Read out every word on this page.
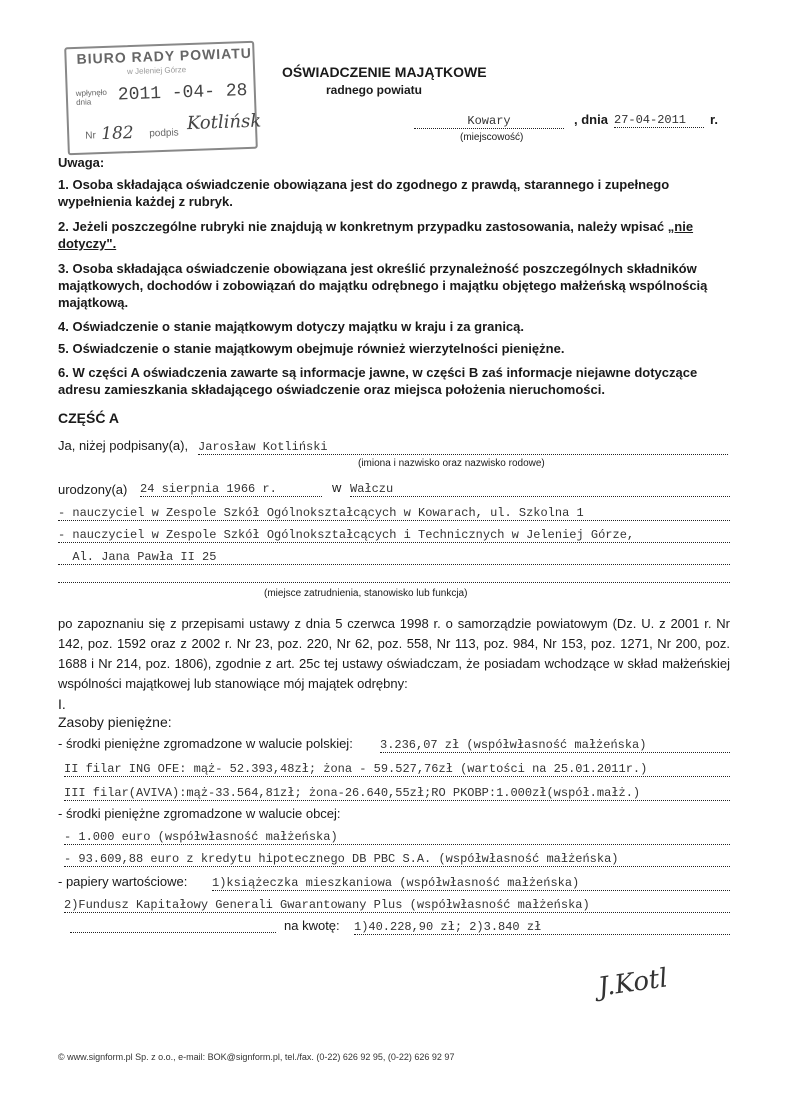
BIURO RADY POWIATU
w Jeleniej Górze
wpłynęło dnia	2011 -04- 28
Nr 182 podpis Kotlińsk
OŚWIADCZENIE MAJĄTKOWE
radnego powiatu
Kowary	, dnia 27-04-2011	r.
(miejscowość)
Uwaga:
1. Osoba składająca oświadczenie obowiązana jest do zgodnego z prawdą, starannego i zupełnego wypełnienia każdej z rubryk.
2. Jeżeli poszczególne rubryki nie znajdują w konkretnym przypadku zastosowania, należy wpisać „nie dotyczy".
3. Osoba składająca oświadczenie obowiązana jest określić przynależność poszczególnych składników majątkowych, dochodów i zobowiązań do majątku odrębnego i majątku objętego małżeńską wspólnością majątkową.
4. Oświadczenie o stanie majątkowym dotyczy majątku w kraju i za granicą.
5. Oświadczenie o stanie majątkowym obejmuje również wierzytelności pieniężne.
6. W części A oświadczenia zawarte są informacje jawne, w części B zaś informacje niejawne dotyczące adresu zamieszkania składającego oświadczenie oraz miejsca położenia nieruchomości.
CZĘŚĆ A
Ja, niżej podpisany(a), Jarosław Kotliński
(imiona i nazwisko oraz nazwisko rodowe)
urodzony(a) 24 sierpnia 1966 r.	w Wałczu
- nauczyciel w Zespole Szkół Ogólnokształcących w Kowarach, ul. Szkolna 1
- nauczyciel w Zespole Szkół Ogólnokształcących i Technicznych w Jeleniej Górze,
Al. Jana Pawła II 25
(miejsce zatrudnienia, stanowisko lub funkcja)
po zapoznaniu się z przepisami ustawy z dnia 5 czerwca 1998 r. o samorządzie powiatowym (Dz. U. z 2001 r. Nr 142, poz. 1592 oraz z 2002 r. Nr 23, poz. 220, Nr 62, poz. 558, Nr 113, poz. 984, Nr 153, poz. 1271, Nr 200, poz. 1688 i Nr 214, poz. 1806), zgodnie z art. 25c tej ustawy oświadczam, że posiadam wchodzące w skład małżeńskiej wspólności majątkowej lub stanowiące mój majątek odrębny:
I.
Zasoby pieniężne:
- środki pieniężne zgromadzone w walucie polskiej: 3.236,07 zł (współwłasność małżeńska)
II filar ING OFE: mąż- 52.393,48zł; żona - 59.527,76zł (wartości na 25.01.2011r.)
III filar(AVIVA):mąż-33.564,81zł; żona-26.640,55zł;RO PKOBP:1.000zł(współ.małż.)
- środki pieniężne zgromadzone w walucie obcej:
- 1.000 euro (współwłasność małżeńska)
- 93.609,88 euro z kredytu hipotecznego DB PBC S.A. (współwłasność małżeńska)
- papiery wartościowe: 1)książeczka mieszkaniowa (współwłasność małżeńska)
2)Fundusz Kapitałowy Generali Gwarantowany Plus (współwłasność małżeńska)
na kwotę: 1)40.228,90 zł; 2)3.840 zł
J.Kotl
© www.signform.pl Sp. z o.o., e-mail: BOK@signform.pl, tel./fax. (0-22) 626 92 95, (0-22) 626 92 97
